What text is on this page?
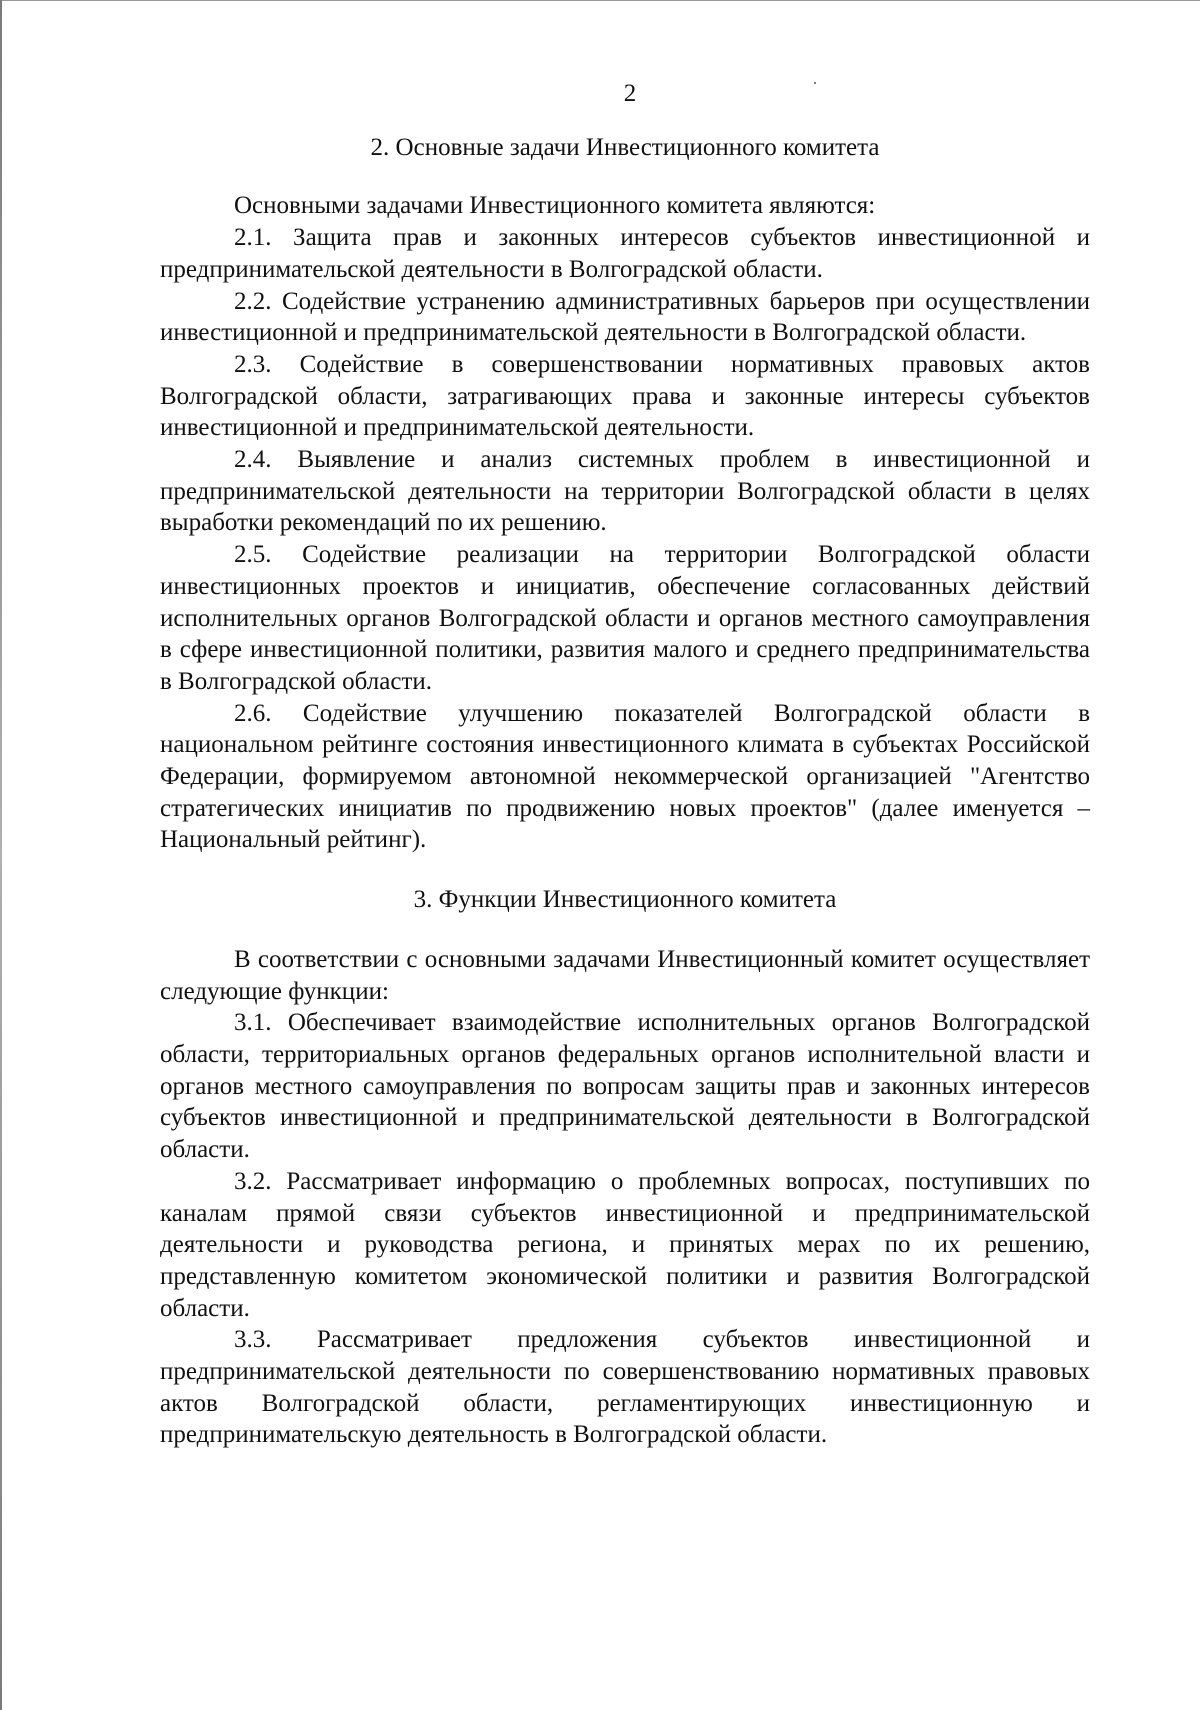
2
2. Основные задачи Инвестиционного комитета

Основными задачами Инвестиционного комитета являются:

2.1. Защита прав и законных интересов субъектов инвестиционной и предпринимательской деятельности в Волгоградской области.

2.2. Содействие устранению административных барьеров при осуществлении инвестиционной и предпринимательской деятельности в Волгоградской области.

2.3. Содействие в совершенствовании нормативных правовых актов Волгоградской области, затрагивающих права и законные интересы субъектов инвестиционной и предпринимательской деятельности.

2.4. Выявление и анализ системных проблем в инвестиционной и предпринимательской деятельности на территории Волгоградской области в целях выработки рекомендаций по их решению.

2.5. Содействие реализации на территории Волгоградской области инвестиционных проектов и инициатив, обеспечение согласованных действий исполнительных органов Волгоградской области и органов местного самоуправления в сфере инвестиционной политики, развития малого и среднего предпринимательства в Волгоградской области.

2.6. Содействие улучшению показателей Волгоградской области в национальном рейтинге состояния инвестиционного климата в субъектах Российской Федерации, формируемом автономной некоммерческой организацией "Агентство стратегических инициатив по продвижению новых проектов" (далее именуется – Национальный рейтинг).

3. Функции Инвестиционного комитета

В соответствии с основными задачами Инвестиционный комитет осуществляет следующие функции:

3.1. Обеспечивает взаимодействие исполнительных органов Волгоградской области, территориальных органов федеральных органов исполнительной власти и органов местного самоуправления по вопросам защиты прав и законных интересов субъектов инвестиционной и предпринимательской деятельности в Волгоградской области.

3.2. Рассматривает информацию о проблемных вопросах, поступивших по каналам прямой связи субъектов инвестиционной и предпринимательской деятельности и руководства региона, и принятых мерах по их решению, представленную комитетом экономической политики и развития Волгоградской области.

3.3. Рассматривает предложения субъектов инвестиционной и предпринимательской деятельности по совершенствованию нормативных правовых актов Волгоградской области, регламентирующих инвестиционную и предпринимательскую деятельность в Волгоградской области.
